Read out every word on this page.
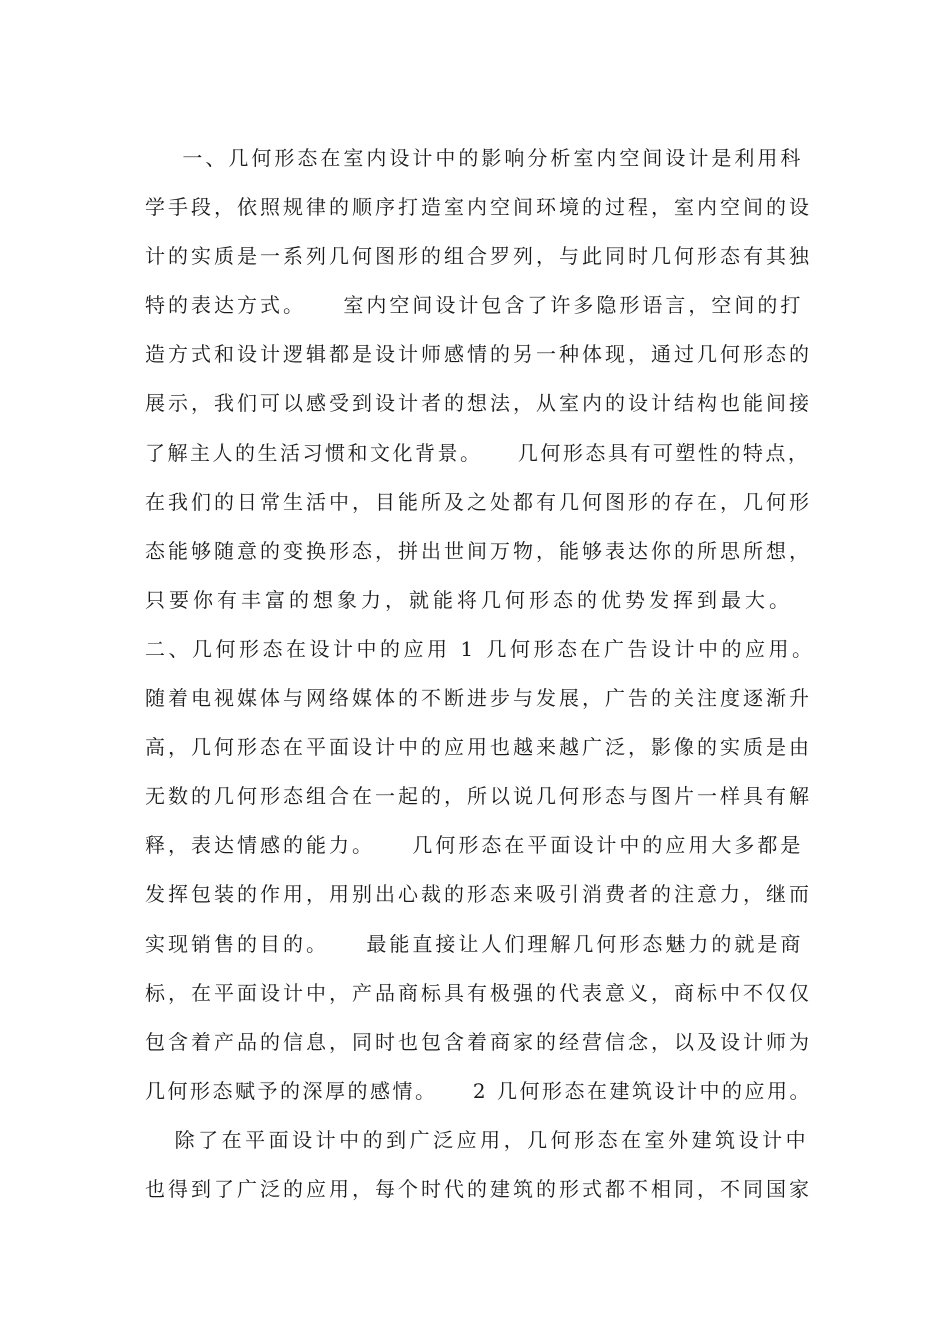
一、几何形态在室内设计中的影响分析室内空间设计是利用科
学手段，依照规律的顺序打造室内空间环境的过程，室内空间的设
计的实质是一系列几何图形的组合罗列，与此同时几何形态有其独
特的表达方式。    室内空间设计包含了许多隐形语言，空间的打
造方式和设计逻辑都是设计师感情的另一种体现，通过几何形态的
展示，我们可以感受到设计者的想法，从室内的设计结构也能间接
了解主人的生活习惯和文化背景。    几何形态具有可塑性的特点，
在我们的日常生活中，目能所及之处都有几何图形的存在，几何形
态能够随意的变换形态，拼出世间万物，能够表达你的所思所想，
只要你有丰富的想象力，就能将几何形态的优势发挥到最大。
二、几何形态在设计中的应用 1 几何形态在广告设计中的应用。
随着电视媒体与网络媒体的不断进步与发展，广告的关注度逐渐升
高，几何形态在平面设计中的应用也越来越广泛，影像的实质是由
无数的几何形态组合在一起的，所以说几何形态与图片一样具有解
释，表达情感的能力。    几何形态在平面设计中的应用大多都是
发挥包装的作用，用别出心裁的形态来吸引消费者的注意力，继而
实现销售的目的。    最能直接让人们理解几何形态魅力的就是商
标，在平面设计中，产品商标具有极强的代表意义，商标中不仅仅
包含着产品的信息，同时也包含着商家的经营信念，以及设计师为
几何形态赋予的深厚的感情。    2 几何形态在建筑设计中的应用。
除了在平面设计中的到广泛应用，几何形态在室外建筑设计中
也得到了广泛的应用，每个时代的建筑的形式都不相同，不同国家
